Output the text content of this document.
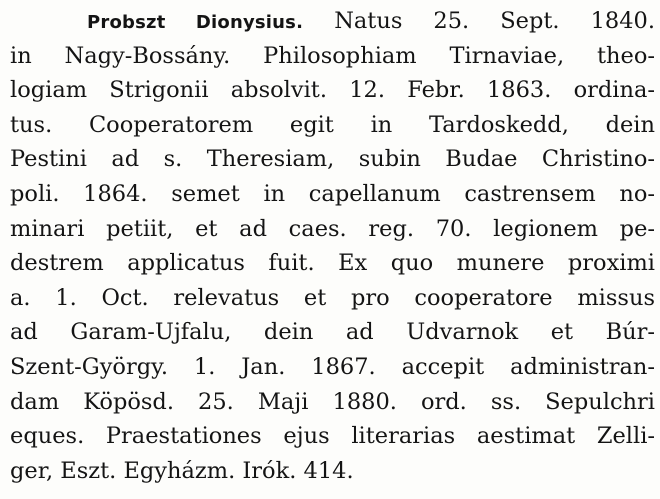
Probszt Dionysius. Natus 25. Sept. 1840.
in Nagy-Bossány. Philosophiam Tirnaviae, theo-
logiam Strigonii absolvit. 12. Febr. 1863. ordina-
tus. Cooperatorem egit in Tardoskedd, dein
Pestini ad s. Theresiam, subin Budae Christino-
poli. 1864. semet in capellanum castrensem no-
minari petiit, et ad caes. reg. 70. legionem pe-
destrem applicatus fuit. Ex quo munere proximi
a. 1. Oct. relevatus et pro cooperatore missus
ad Garam-Ujfalu, dein ad Udvarnok et Búr-
Szent-György. 1. Jan. 1867. accepit administran-
dam Köpösd. 25. Maji 1880. ord. ss. Sepulchri
eques. Praestationes ejus literarias aestimat Zelli-
ger, Eszt. Egyházm. Irók. 414.
